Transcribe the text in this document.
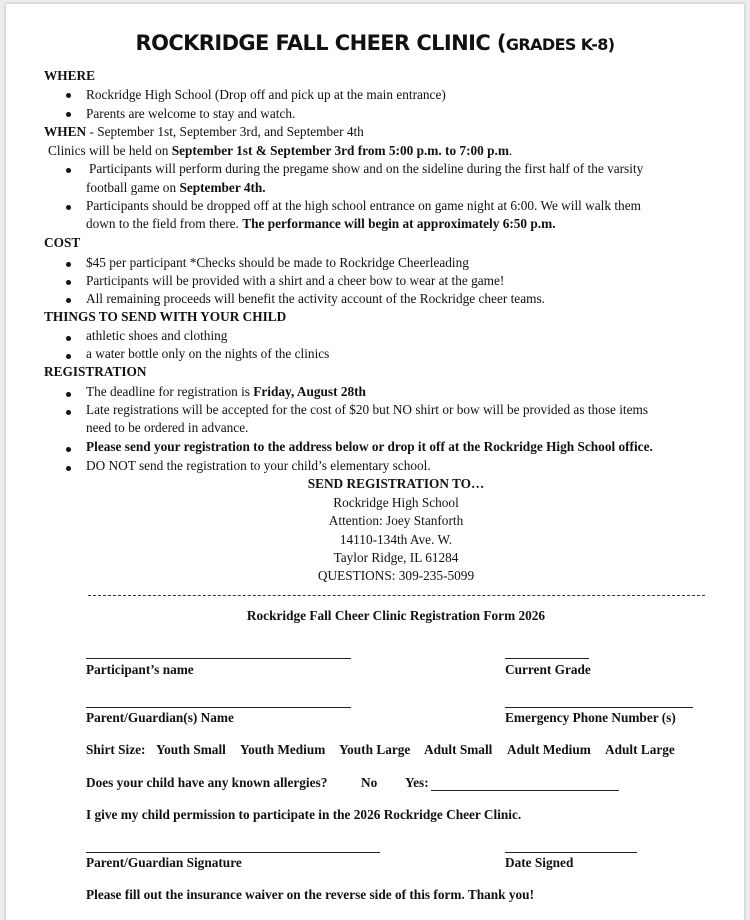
ROCKRIDGE FALL CHEER CLINIC (GRADES K-8)
WHERE
Rockridge High School (Drop off and pick up at the main entrance)
Parents are welcome to stay and watch.
WHEN - September 1st, September 3rd, and September 4th
Clinics will be held on September 1st & September 3rd from 5:00 p.m. to 7:00 p.m.
Participants will perform during the pregame show and on the sideline during the first half of the varsity
football game on September 4th.
Participants should be dropped off at the high school entrance on game night at 6:00. We will walk them
down to the field from there. The performance will begin at approximately 6:50 p.m.
COST
$45 per participant *Checks should be made to Rockridge Cheerleading
Participants will be provided with a shirt and a cheer bow to wear at the game!
All remaining proceeds will benefit the activity account of the Rockridge cheer teams.
THINGS TO SEND WITH YOUR CHILD
athletic shoes and clothing
a water bottle only on the nights of the clinics
REGISTRATION
The deadline for registration is Friday, August 28th
Late registrations will be accepted for the cost of $20 but NO shirt or bow will be provided as those items
need to be ordered in advance.
Please send your registration to the address below or drop it off at the Rockridge High School office.
DO NOT send the registration to your child’s elementary school.
SEND REGISTRATION TO…
Rockridge High School
Attention: Joey Stanforth
14110-134th Ave. W.
Taylor Ridge, IL 61284
QUESTIONS: 309-235-5099
Rockridge Fall Cheer Clinic Registration Form 2026
Participant’s name	Current Grade
Parent/Guardian(s) Name	Emergency Phone Number (s)
Shirt Size: Youth Small Youth Medium Youth Large Adult Small Adult Medium Adult Large
Does your child have any known allergies?	No Yes:
I give my child permission to participate in the 2026 Rockridge Cheer Clinic.
Parent/Guardian Signature	Date Signed
Please fill out the insurance waiver on the reverse side of this form. Thank you!
